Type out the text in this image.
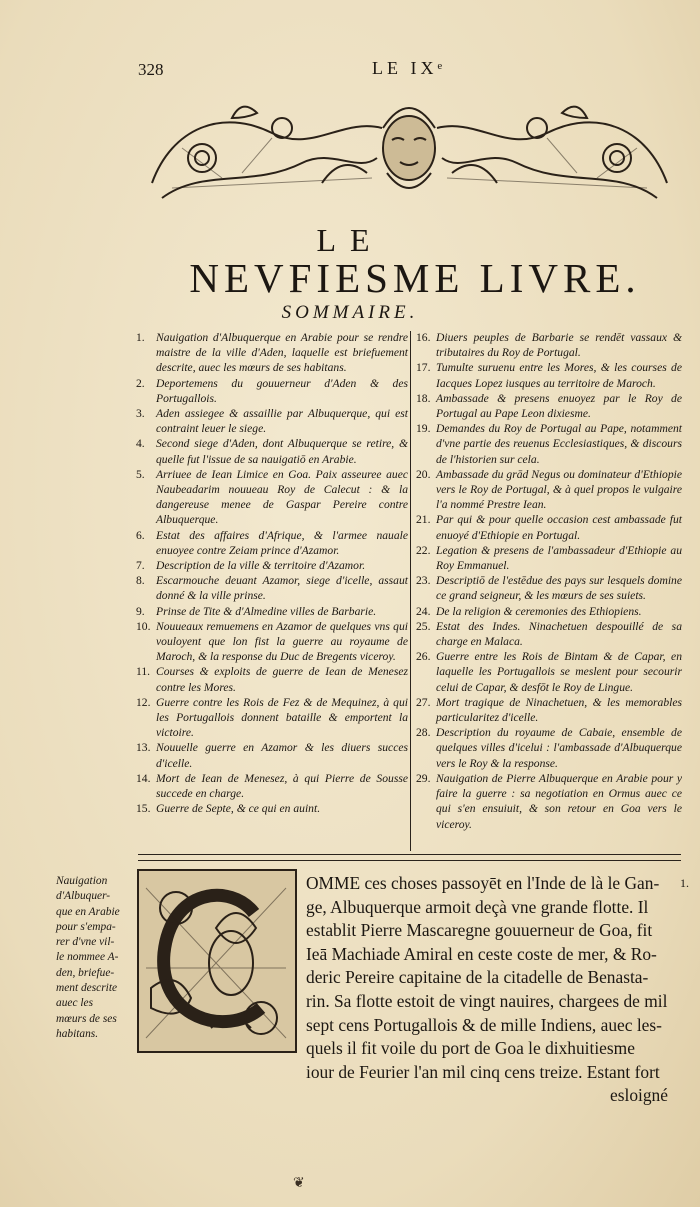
328	LE IXᵉ
LE
NEVFIESME LIVRE.
SOMMAIRE.
1. Nauigation d'Albuquerque en Arabie pour se rendre maistre de la ville d'Aden, laquelle est briefuement descrite, auec les mœurs de ses habitans.
2. Deportemens du gouuerneur d'Aden & des Portugallois.
3. Aden assiegee & assaillie par Albuquerque, qui est contraint leuer le siege.
4. Second siege d'Aden, dont Albuquerque se retire, & quelle fut l'issue de sa nauigatiō en Arabie.
5. Arriuee de Iean Limice en Goa. Paix asseuree auec Naubeadarim nouueau Roy de Calecut : & la dangereuse menee de Gaspar Pereire contre Albuquerque.
6. Estat des affaires d'Afrique, & l'armee nauale enuoyee contre Zeiam prince d'Azamor.
7. Description de la ville & territoire d'Azamor.
8. Escarmouche deuant Azamor, siege d'icelle, assaut donné & la ville prinse.
9. Prinse de Tite & d'Almedine villes de Barbarie.
10. Nouueaux remuemens en Azamor de quelques vns qui vouloyent que lon fist la guerre au royaume de Maroch, & la response du Duc de Bregents viceroy.
11. Courses & exploits de guerre de Iean de Menesez contre les Mores.
12. Guerre contre les Rois de Fez & de Mequinez, à qui les Portugallois donnent bataille & emportent la victoire.
13. Nouuelle guerre en Azamor & les diuers succes d'icelle.
14. Mort de Iean de Menesez, à qui Pierre de Sousse succede en charge.
15. Guerre de Septe, & ce qui en auint.
16. Diuers peuples de Barbarie se rendēt vassaux & tributaires du Roy de Portugal.
17. Tumulte suruenu entre les Mores, & les courses de Iacques Lopez iusques au territoire de Maroch.
18. Ambassade & presens enuoyez par le Roy de Portugal au Pape Leon dixiesme.
19. Demandes du Roy de Portugal au Pape, notamment d'vne partie des reuenus Ecclesiastiques, & discours de l'historien sur cela.
20. Ambassade du grād Negus ou dominateur d'Ethiopie vers le Roy de Portugal, & à quel propos le vulgaire l'a nommé Prestre Iean.
21. Par qui & pour quelle occasion cest ambassade fut enuoyé d'Ethiopie en Portugal.
22. Legation & presens de l'ambassadeur d'Ethiopie au Roy Emmanuel.
23. Descriptiō de l'estēdue des pays sur lesquels domine ce grand seigneur, & les mœurs de ses suiets.
24. De la religion & ceremonies des Ethiopiens.
25. Estat des Indes. Ninachetuen despouillé de sa charge en Malaca.
26. Guerre entre les Rois de Bintam & de Capar, en laquelle les Portugallois se meslent pour secourir celui de Capar, & desfōt le Roy de Lingue.
27. Mort tragique de Ninachetuen, & les memorables particularitez d'icelle.
28. Description du royaume de Cabaie, ensemble de quelques villes d'icelui : l'ambassade d'Albuquerque vers le Roy & la response.
29. Nauigation de Pierre Albuquerque en Arabie pour y faire la guerre : sa negotiation en Ormus auec ce qui s'en ensuiuit, & son retour en Goa vers le viceroy.
Nauigation
d'Albuquer-
que en Arabie
pour s'empa-
rer d'vne vil-
le nommee A-
den, briefue-
ment descrite
auec les
mœurs de ses
habitans.
OMME ces choses passoyēt en l'Inde de là le Gan-
ge, Albuquerque armoit deçà vne grande flotte. Il
establit Pierre Mascaregne gouuerneur de Goa, fit
Ieā Machiade Amiral en ceste coste de mer, & Ro-
deric Pereire capitaine de la citadelle de Benasta-
rin. Sa flotte estoit de vingt nauires, chargees de mil
sept cens Portugallois & de mille Indiens, auec les-
quels il fit voile du port de Goa le dixhuitiesme
iour de Feurier l'an mil cinq cens treize. Estant fort
1.
esloigné
❦
